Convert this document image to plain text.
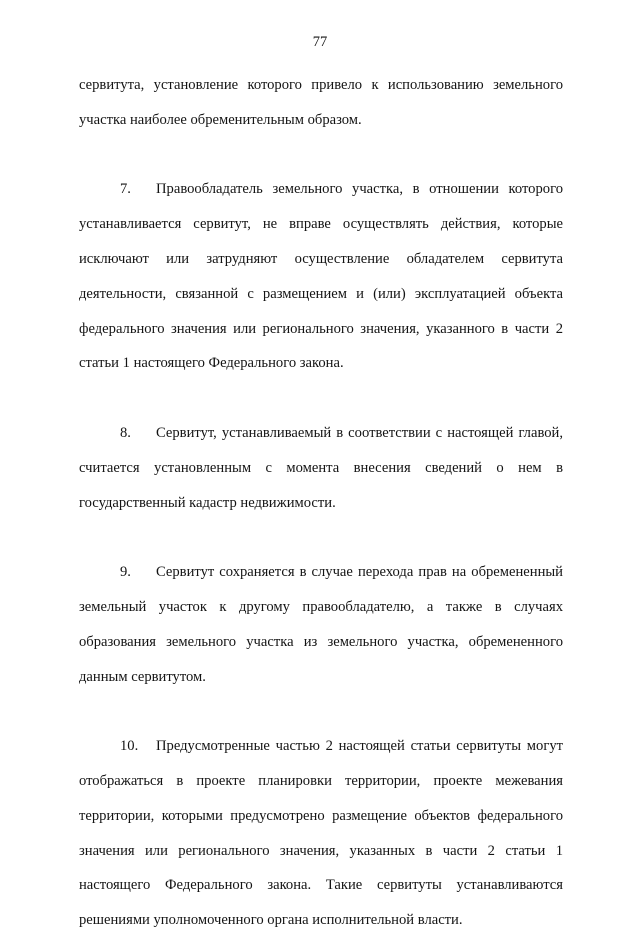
77

сервитута, установление которого привело к использованию земельного участка наиболее обременительным образом.

7. Правообладатель земельного участка, в отношении которого устанавливается сервитут, не вправе осуществлять действия, которые исключают или затрудняют осуществление обладателем сервитута деятельности, связанной с размещением и (или) эксплуатацией объекта федерального значения или регионального значения, указанного в части 2 статьи 1 настоящего Федерального закона.

8. Сервитут, устанавливаемый в соответствии с настоящей главой, считается установленным с момента внесения сведений о нем в государственный кадастр недвижимости.

9. Сервитут сохраняется в случае перехода прав на обремененный земельный участок к другому правообладателю, а также в случаях образования земельного участка из земельного участка, обремененного данным сервитутом.

10. Предусмотренные частью 2 настоящей статьи сервитуты могут отображаться в проекте планировки территории, проекте межевания территории, которыми предусмотрено размещение объектов федерального значения или регионального значения, указанных в части 2 статьи 1 настоящего Федерального закона. Такие сервитуты устанавливаются решениями уполномоченного органа исполнительной власти.
